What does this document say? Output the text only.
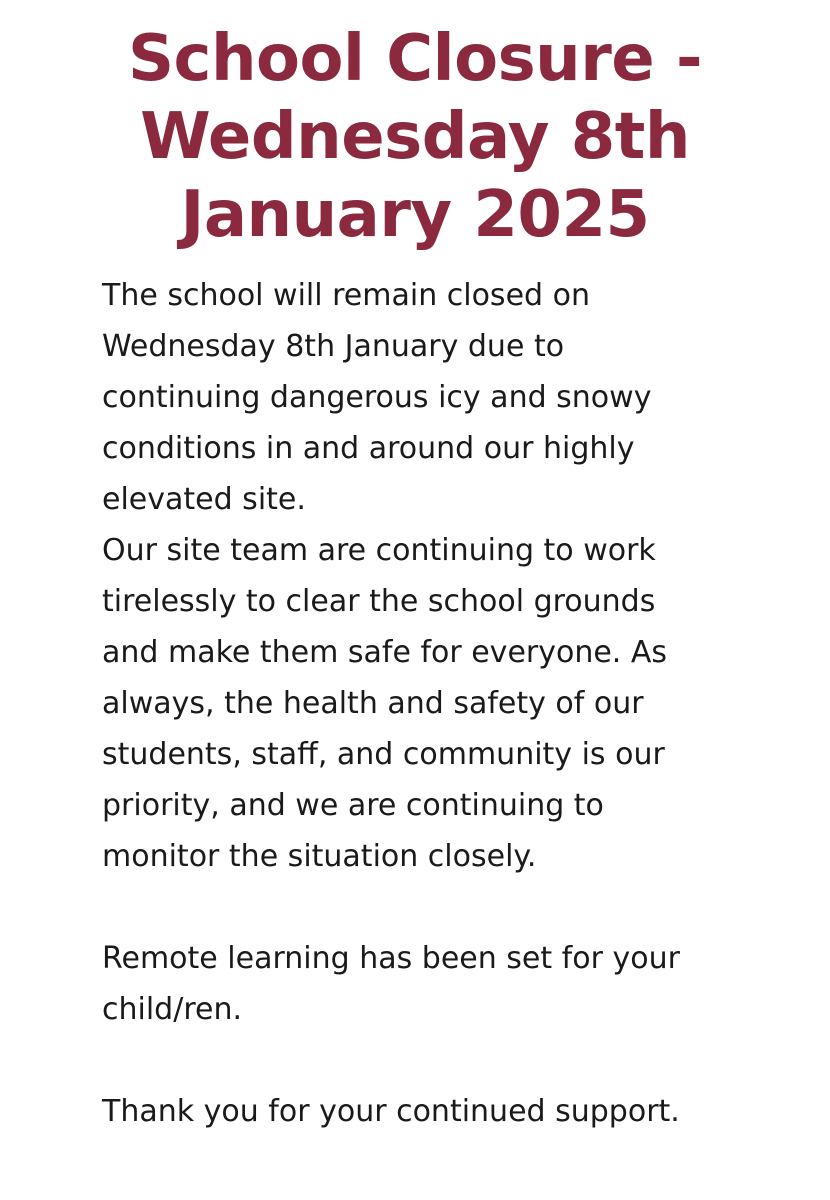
School Closure -
Wednesday 8th
January 2025
The school will remain closed on
Wednesday 8th January due to
continuing dangerous icy and snowy
conditions in and around our highly
elevated site.
Our site team are continuing to work
tirelessly to clear the school grounds
and make them safe for everyone. As
always, the health and safety of our
students, staff, and community is our
priority, and we are continuing to
monitor the situation closely.
Remote learning has been set for your
child/ren.
Thank you for your continued support.
